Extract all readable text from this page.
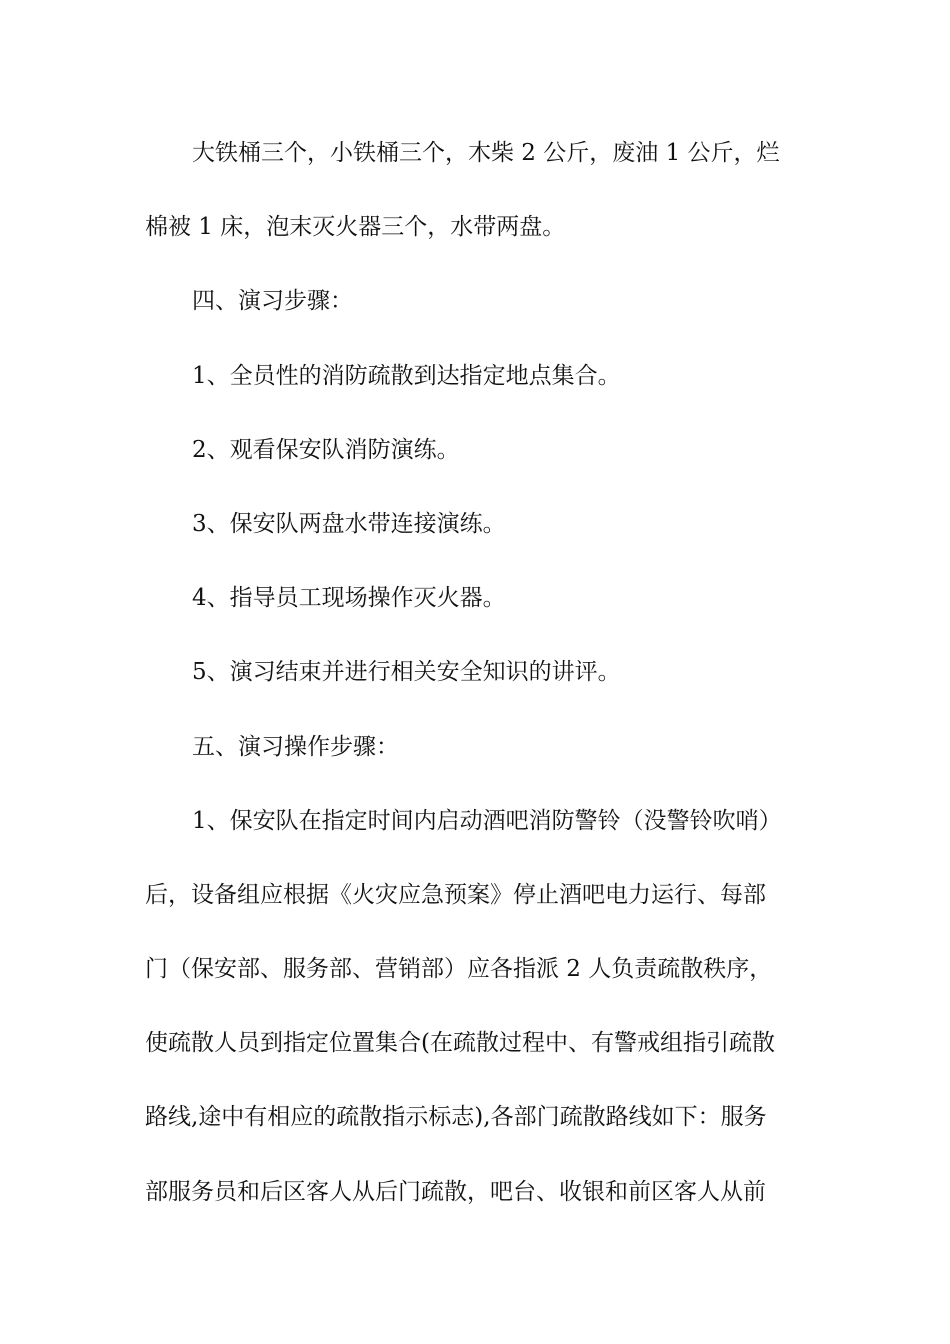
大铁桶三个，小铁桶三个，木柴 2 公斤，废油 1 公斤，烂
棉被 1 床，泡末灭火器三个，水带两盘。
四、演习步骤：
1、全员性的消防疏散到达指定地点集合。
2、观看保安队消防演练。
3、保安队两盘水带连接演练。
4、指导员工现场操作灭火器。
5、演习结束并进行相关安全知识的讲评。
五、演习操作步骤：
1、保安队在指定时间内启动酒吧消防警铃（没警铃吹哨）
后，设备组应根据《火灾应急预案》停止酒吧电力运行、每部
门（保安部、服务部、营销部）应各指派 2 人负责疏散秩序，
使疏散人员到指定位置集合(在疏散过程中、有警戒组指引疏散
路线,途中有相应的疏散指示标志),各部门疏散路线如下：服务
部服务员和后区客人从后门疏散，吧台、收银和前区客人从前
